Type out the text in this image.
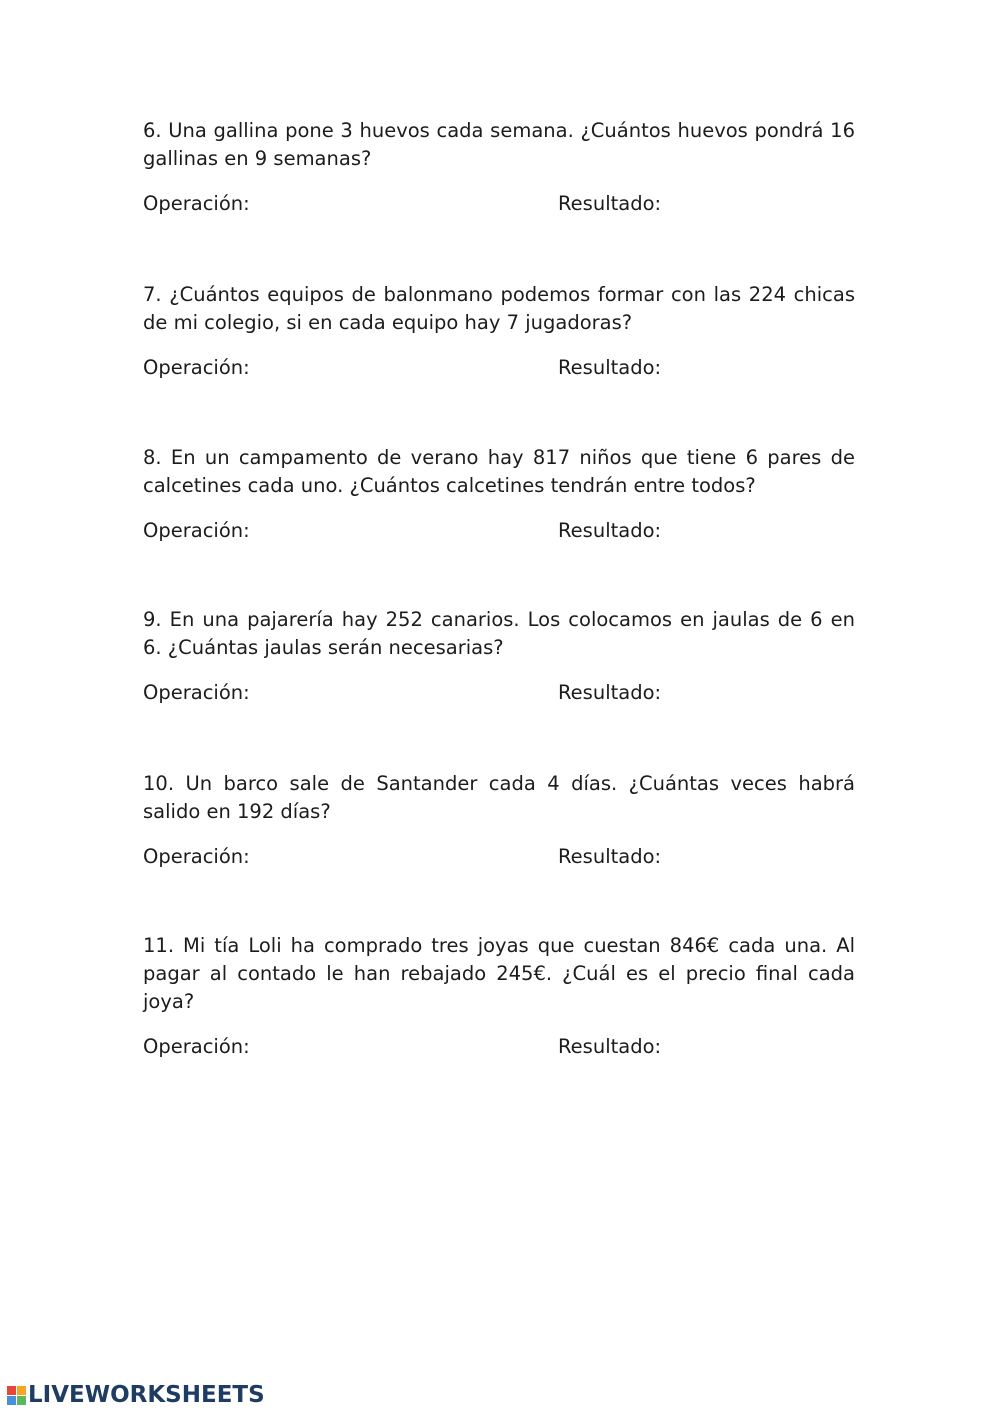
6. Una gallina pone 3 huevos cada semana. ¿Cuántos huevos pondrá 16 gallinas en 9 semanas?

Operación:	Resultado:

7. ¿Cuántos equipos de balonmano podemos formar con las 224 chicas de mi colegio, si en cada equipo hay 7 jugadoras?

Operación:	Resultado:

8. En un campamento de verano hay 817 niños que tiene 6 pares de calcetines cada uno. ¿Cuántos calcetines tendrán entre todos?

Operación:	Resultado:

9. En una pajarería hay 252 canarios. Los colocamos en jaulas de 6 en 6. ¿Cuántas jaulas serán necesarias?

Operación:	Resultado:

10. Un barco sale de Santander cada 4 días. ¿Cuántas veces habrá salido en 192 días?

Operación:	Resultado:

11. Mi tía Loli ha comprado tres joyas que cuestan 846€ cada una. Al pagar al contado le han rebajado 245€. ¿Cuál es el precio final cada joya?

Operación:	Resultado:
LIVEWORKSHEETS
